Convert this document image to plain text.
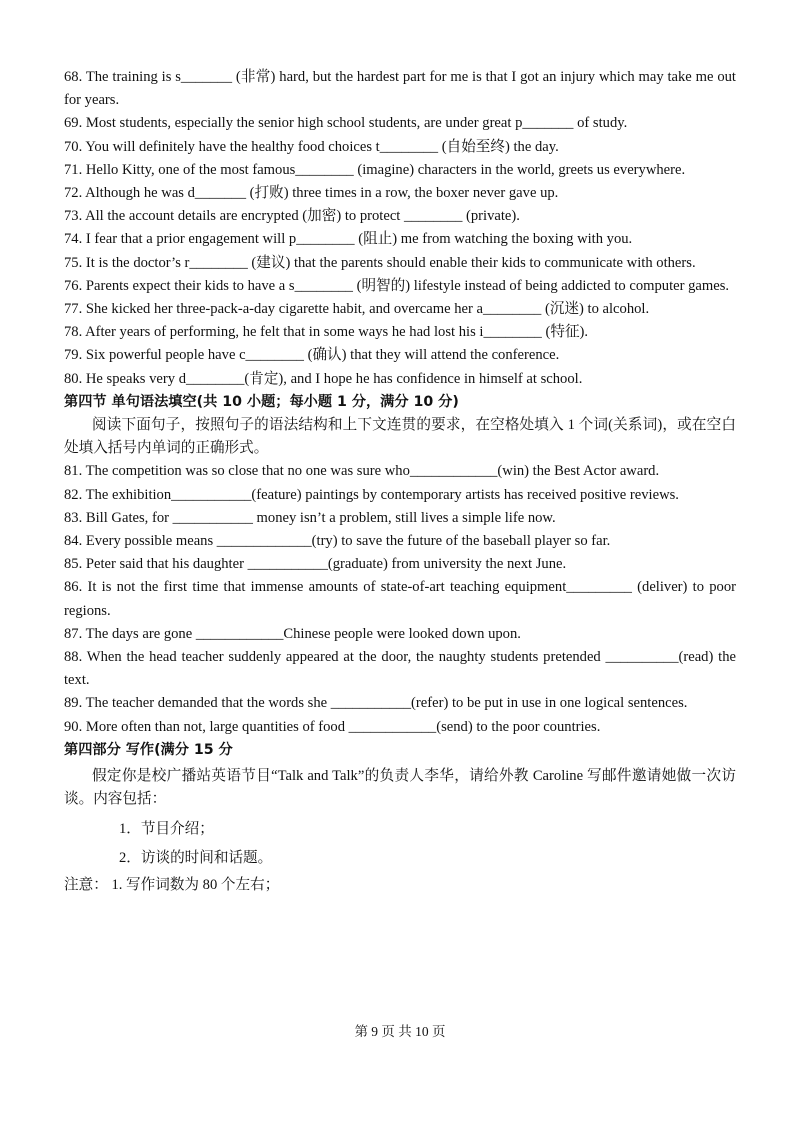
68. The training is s_______ (非常) hard, but the hardest part for me is that I got an injury which may take me out for years.

69. Most students, especially the senior high school students, are under great p_______ of study.

70. You will definitely have the healthy food choices t________ (自始至终) the day.

71. Hello Kitty, one of the most famous________ (imagine) characters in the world, greets us everywhere.

72. Although he was d_______ (打败) three times in a row, the boxer never gave up.

73. All the account details are encrypted (加密) to protect ________ (private).

74. I fear that a prior engagement will p________ (阻止) me from watching the boxing with you.

75. It is the doctor’s r________ (建议) that the parents should enable their kids to communicate with others.

76. Parents expect their kids to have a s________ (明智的) lifestyle instead of being addicted to computer games.

77. She kicked her three-pack-a-day cigarette habit, and overcame her a________ (沉迷) to alcohol.

78. After years of performing, he felt that in some ways he had lost his i________ (特征).

79. Six powerful people have c________ (确认) that they will attend the conference.

80. He speaks very d________(肯定), and I hope he has confidence in himself at school.

第四节 单句语法填空(共 10 小题；每小题 1 分，满分 10 分)

阅读下面句子，按照句子的语法结构和上下文连贯的要求，在空格处填入 1 个词(关系词)，或在空白处填入括号内单词的正确形式。

81. The competition was so close that no one was sure who____________(win) the Best Actor award.

82. The exhibition___________(feature) paintings by contemporary artists has received positive reviews.

83. Bill Gates, for ___________ money isn’t a problem, still lives a simple life now.

84. Every possible means _____________(try) to save the future of the baseball player so far.

85. Peter said that his daughter ___________(graduate) from university the next June.

86. It is not the first time that immense amounts of state-of-art teaching equipment_________ (deliver) to poor regions.

87. The days are gone ____________Chinese people were looked down upon.

88. When the head teacher suddenly appeared at the door, the naughty students pretended __________(read) the text.

89. The teacher demanded that the words she ___________(refer) to be put in use in one logical sentences.

90. More often than not, large quantities of food ____________(send) to the poor countries.

第四部分 写作(满分 15 分

假定你是校广播站英语节目“Talk and Talk”的负责人李华，请给外教 Caroline 写邮件邀请她做一次访谈。内容包括：

1．节目介绍；

2．访谈的时间和话题。

注意： 1. 写作词数为 80 个左右；

第 9 页 共 10 页
